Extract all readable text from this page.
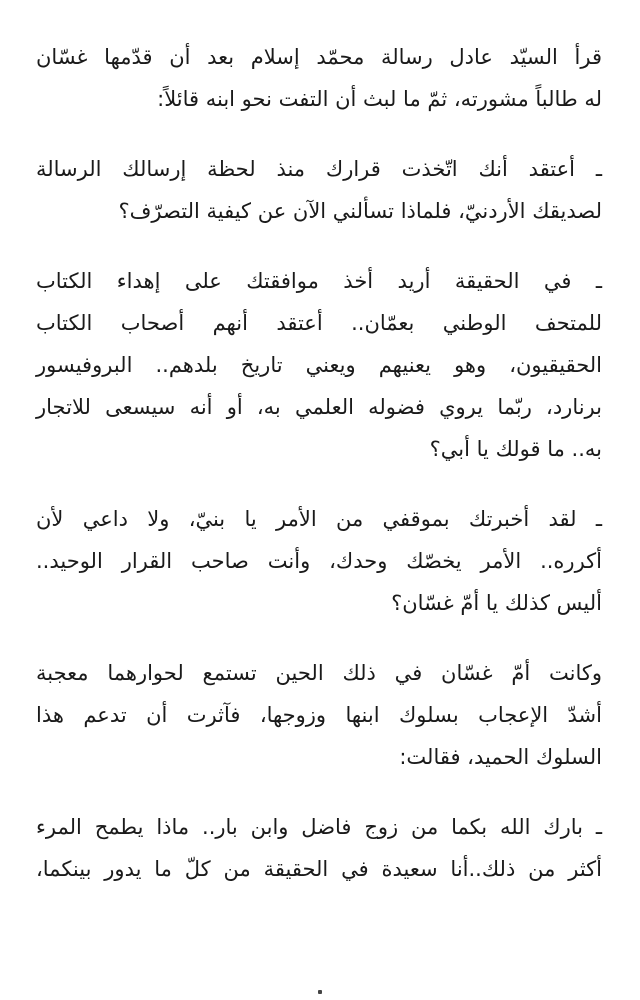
قرأ السيّد عادل رسالة محمّد إسلام بعد أن قدّمها غسّان
له طالباً مشورته، ثمّ ما لبث أن التفت نحو ابنه قائلاً:
ـ أعتقد أنك اتّخذت قرارك منذ لحظة إرسالك الرسالة
لصديقك الأردنيّ، فلماذا تسألني الآن عن كيفية التصرّف؟
ـ في الحقيقة أريد أخذ موافقتك على إهداء الكتاب
للمتحف الوطني بعمّان.. أعتقد أنهم أصحاب الكتاب
الحقيقيون، وهو يعنيهم ويعني تاريخ بلدهم.. البروفيسور
برنارد، ربّما يروي فضوله العلمي به، أو أنه سيسعى للاتجار
به.. ما قولك يا أبي؟
ـ لقد أخبرتك بموقفي من الأمر يا بنيّ، ولا داعي لأن
أكرره.. الأمر يخصّك وحدك، وأنت صاحب القرار الوحيد..
أليس كذلك يا أمّ غسّان؟
وكانت أمّ غسّان في ذلك الحين تستمع لحوارهما معجبة
أشدّ الإعجاب بسلوك ابنها وزوجها، فآثرت أن تدعم هذا
السلوك الحميد، فقالت:
ـ بارك الله بكما من زوج فاضل وابن بار.. ماذا يطمح المرء
أكثر من ذلك..أنا سعيدة في الحقيقة من كلّ ما يدور بينكما،
